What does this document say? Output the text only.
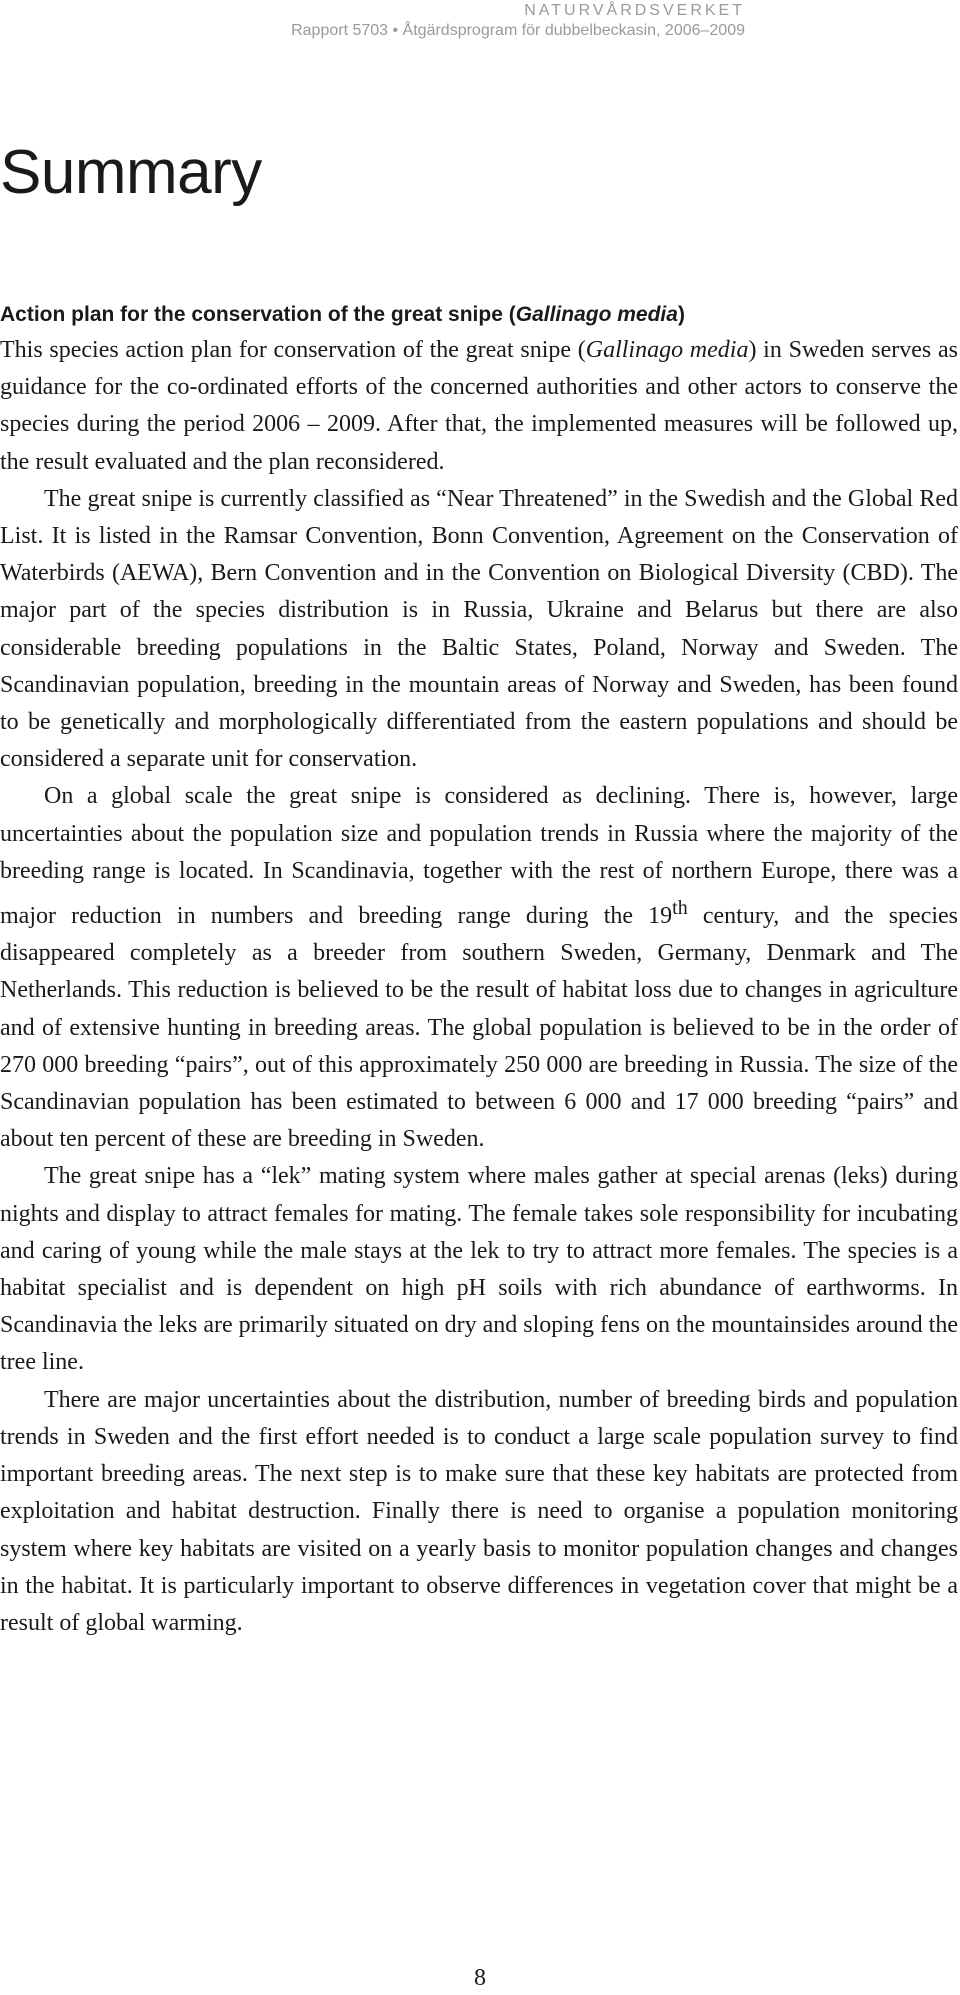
NATURVÅRDSVERKET
Rapport 5703 • Åtgärdsprogram för dubbelbeckasin, 2006–2009
Summary
Action plan for the conservation of the great snipe (Gallinago media)

This species action plan for conservation of the great snipe (Gallinago media) in Sweden serves as guidance for the co-ordinated efforts of the concerned authorities and other actors to conserve the species during the period 2006 – 2009. After that, the implemented measures will be followed up, the result evaluated and the plan reconsidered.

The great snipe is currently classified as “Near Threatened” in the Swedish and the Global Red List. It is listed in the Ramsar Convention, Bonn Convention, Agreement on the Conservation of Waterbirds (AEWA), Bern Convention and in the Convention on Biological Diversity (CBD). The major part of the species distribution is in Russia, Ukraine and Belarus but there are also considerable breeding populations in the Baltic States, Poland, Norway and Sweden. The Scandinavian population, breeding in the mountain areas of Norway and Sweden, has been found to be genetically and morphologically differentiated from the eastern populations and should be considered a separate unit for conservation.

On a global scale the great snipe is considered as declining. There is, however, large uncertainties about the population size and population trends in Russia where the majority of the breeding range is located. In Scandinavia, together with the rest of northern Europe, there was a major reduction in numbers and breeding range during the 19th century, and the species disappeared completely as a breeder from southern Sweden, Germany, Denmark and The Netherlands. This reduction is believed to be the result of habitat loss due to changes in agriculture and of extensive hunting in breeding areas. The global population is believed to be in the order of 270 000 breeding “pairs”, out of this approximately 250 000 are breeding in Russia. The size of the Scandinavian population has been estimated to between 6 000 and 17 000 breeding “pairs” and about ten percent of these are breeding in Sweden.

The great snipe has a “lek” mating system where males gather at special arenas (leks) during nights and display to attract females for mating. The female takes sole responsibility for incubating and caring of young while the male stays at the lek to try to attract more females. The species is a habitat specialist and is dependent on high pH soils with rich abundance of earthworms. In Scandinavia the leks are primarily situated on dry and sloping fens on the mountainsides around the tree line.

There are major uncertainties about the distribution, number of breeding birds and population trends in Sweden and the first effort needed is to conduct a large scale population survey to find important breeding areas. The next step is to make sure that these key habitats are protected from exploitation and habitat destruction. Finally there is need to organise a population monitoring system where key habitats are visited on a yearly basis to monitor population changes and changes in the habitat. It is particularly important to observe differences in vegetation cover that might be a result of global warming.

8
